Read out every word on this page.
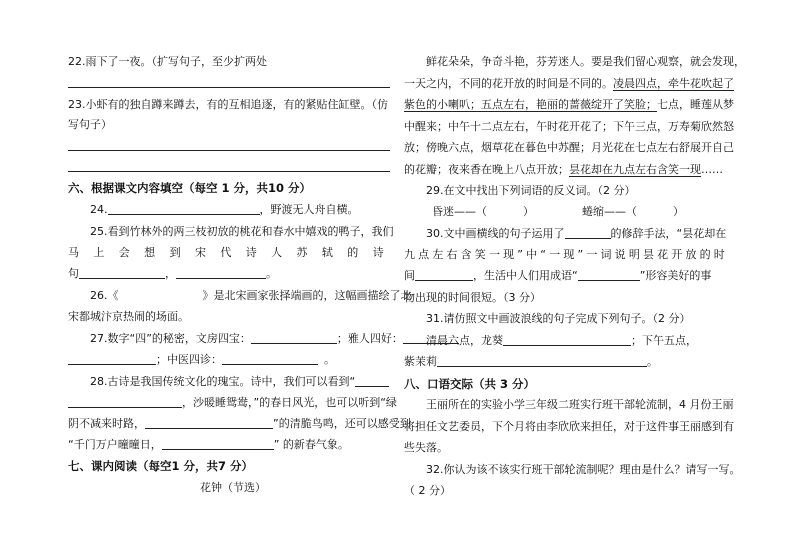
22.雨下了一夜。（扩写句子，至少扩两处
23.小虾有的独自蹲来蹲去，有的互相追逐，有的紧贴住缸壁。（仿
写句子）
六、根据课文内容填空（每空 1 分，共10 分）
24.	，野渡无人舟自横。
25.看到竹林外的两三枝初放的桃花和春水中嬉戏的鸭子，我们
马上会想到宋代诗人苏轼的诗
句	，	。
26.《	》是北宋画家张择端画的，这幅画描绘了北
宋都城汴京热闹的场面。
27.数字“四”的秘密，文房四宝：	；雅人四好：
；中医四诊：	。
28.古诗是我国传统文化的瑰宝。诗中，我们可以看到“
，沙暖睡鸳鸯，”的春日风光，也可以听到“绿
阴不减来时路，	”的清脆鸟鸣，还可以感受到
“千门万户曈曈日，	” 的新春气象。
七、课内阅读（每空1 分，共7 分）
花钟（节选）
鲜花朵朵，争奇斗艳，芬芳迷人。要是我们留心观察，就会发现，
一天之内，不同的花开放的时间是不同的。凌晨四点，牵牛花吹起了
紫色的小喇叭；五点左右，艳丽的蔷薇绽开了笑脸；七点，睡莲从梦
中醒来；中午十二点左右，午时花开花了；下午三点，万寿菊欣然怒
放；傍晚六点，烟草花在暮色中苏醒；月光花在七点左右舒展开自己
的花瓣；夜来香在晚上八点开放；昙花却在九点左右含笑一现……
29.在文中找出下列词语的反义词。（2 分）
昏迷——（	）	蜷缩——（	）
30.文中画横线的句子运用了	的修辞手法，“昙花却在
九点左右含笑一现”中“一现”一词说明昙花开放的时
间	，生活中人们用成语“	”形容美好的事
物出现的时间很短。（3 分）
31.请仿照文中画波浪线的句子完成下列句子。（2 分）
清晨六点，龙葵	；下午五点，
紫茉莉	。
八、口语交际（共 3 分）
王丽所在的实验小学三年级二班实行班干部轮流制，4 月份王丽
将担任文艺委员，下个月将由李欣欣来担任，对于这件事王丽感到有
些失落。
32.你认为该不该实行班干部轮流制呢？理由是什么？请写一写。
（ 2 分）
